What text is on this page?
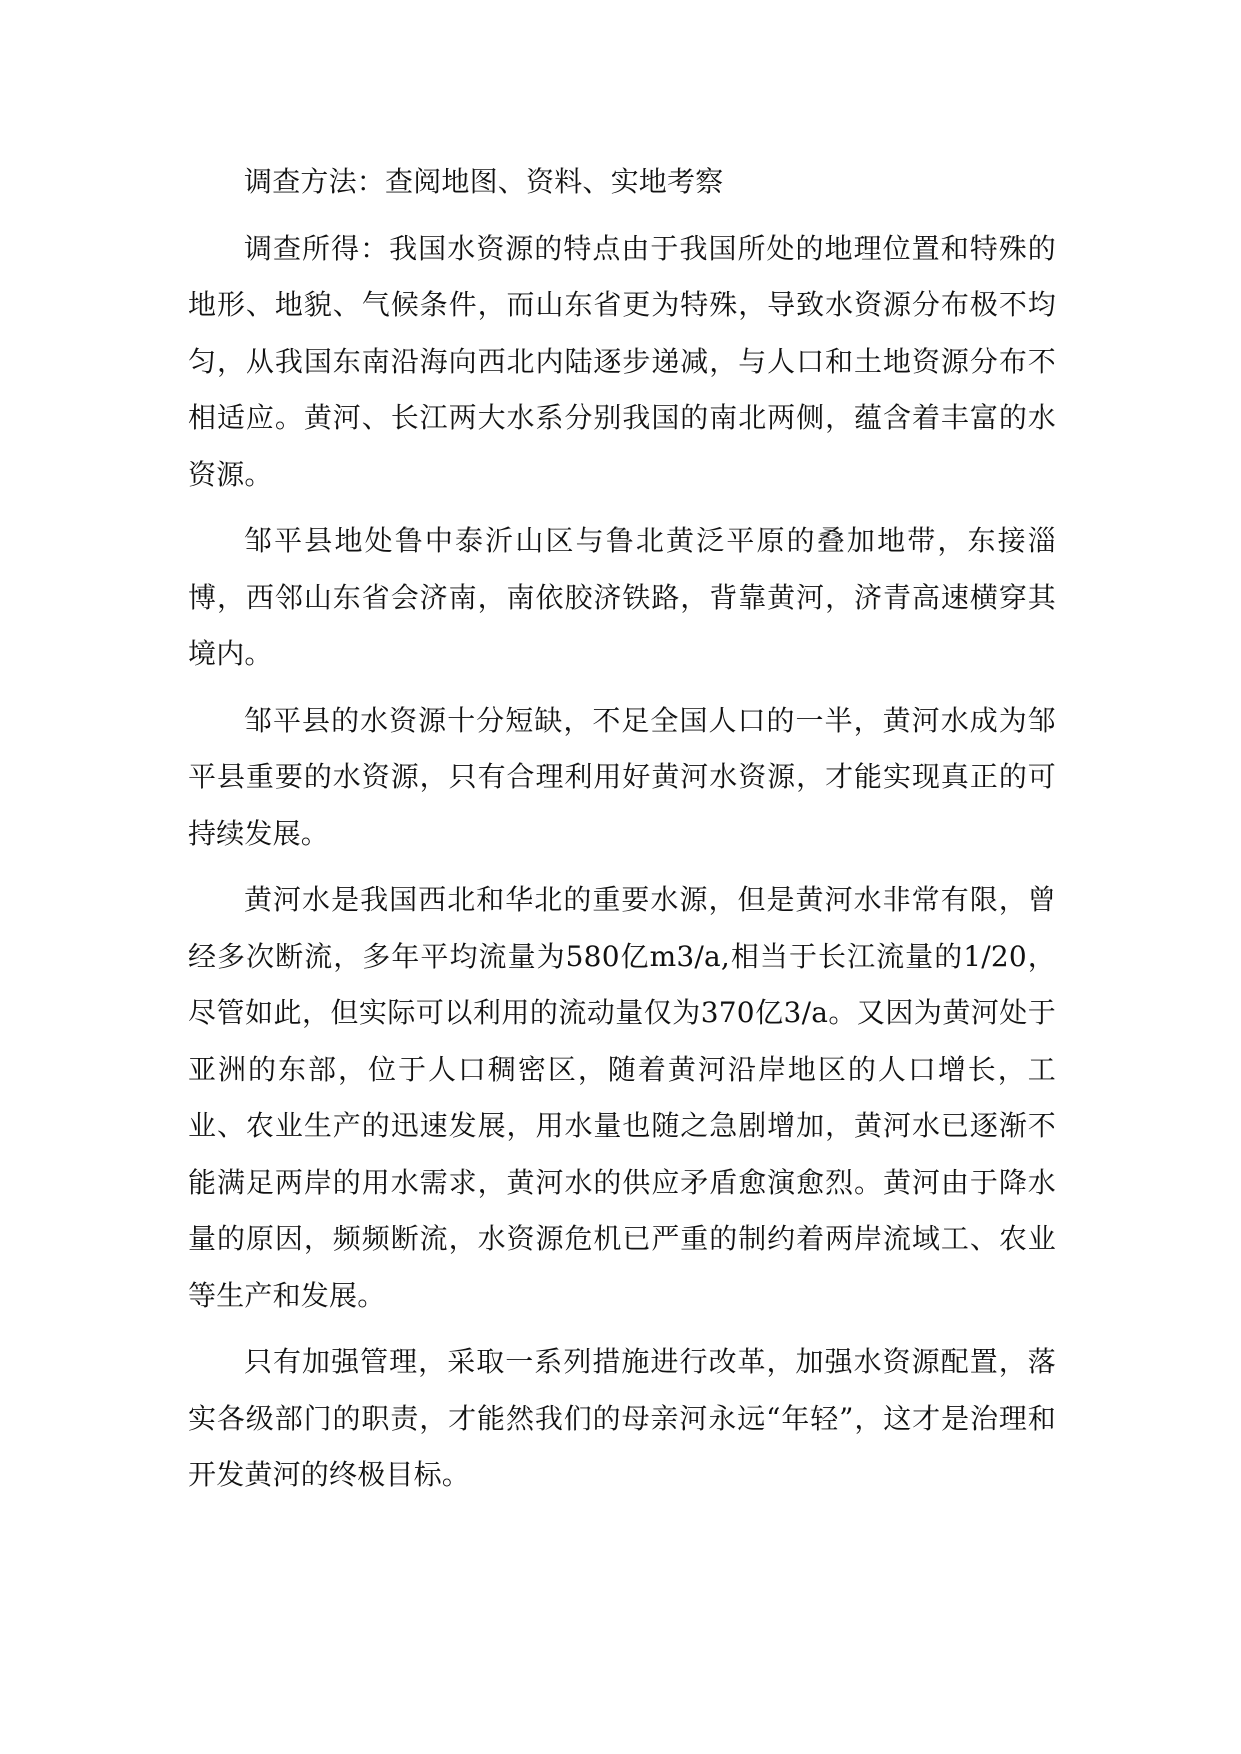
调查方法：查阅地图、资料、实地考察

调查所得：我国水资源的特点由于我国所处的地理位置和特殊的地形、地貌、气候条件，而山东省更为特殊，导致水资源分布极不均匀，从我国东南沿海向西北内陆逐步递减，与人口和土地资源分布不相适应。黄河、长江两大水系分别我国的南北两侧，蕴含着丰富的水资源。

邹平县地处鲁中泰沂山区与鲁北黄泛平原的叠加地带，东接淄博，西邻山东省会济南，南依胶济铁路，背靠黄河，济青高速横穿其境内。

邹平县的水资源十分短缺，不足全国人口的一半，黄河水成为邹平县重要的水资源，只有合理利用好黄河水资源，才能实现真正的可持续发展。

黄河水是我国西北和华北的重要水源，但是黄河水非常有限，曾经多次断流，多年平均流量为580亿m3/a,相当于长江流量的1/20，尽管如此，但实际可以利用的流动量仅为370亿3/a。又因为黄河处于亚洲的东部，位于人口稠密区，随着黄河沿岸地区的人口增长，工业、农业生产的迅速发展，用水量也随之急剧增加，黄河水已逐渐不能满足两岸的用水需求，黄河水的供应矛盾愈演愈烈。黄河由于降水量的原因，频频断流，水资源危机已严重的制约着两岸流域工、农业等生产和发展。

只有加强管理，采取一系列措施进行改革，加强水资源配置，落实各级部门的职责，才能然我们的母亲河永远“年轻”，这才是治理和开发黄河的终极目标。
